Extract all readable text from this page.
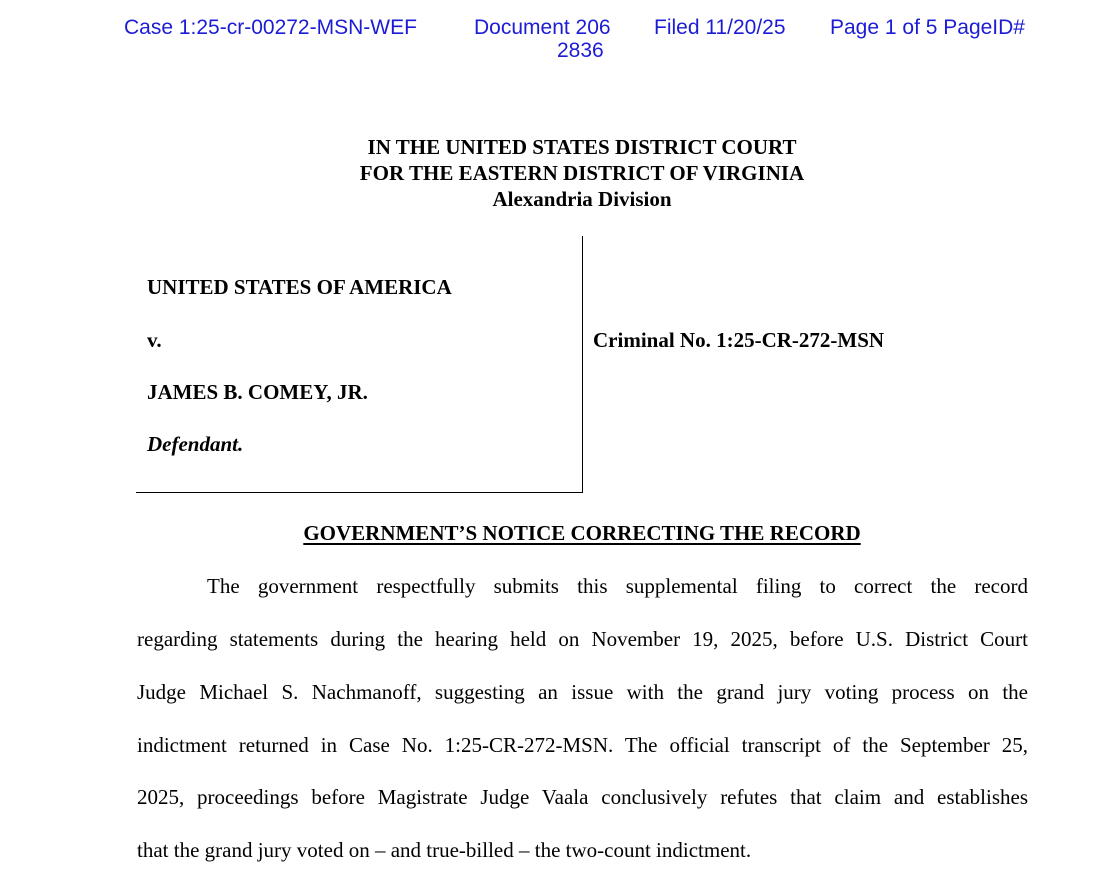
Case 1:25-cr-00272-MSN-WEF	Document 206 Filed 11/20/25 Page 1 of 5 PageID#
2836
IN THE UNITED STATES DISTRICT COURT
FOR THE EASTERN DISTRICT OF VIRGINIA
Alexandria Division
UNITED STATES OF AMERICA
v.
JAMES B. COMEY, JR.
Defendant.
Criminal No. 1:25-CR-272-MSN
GOVERNMENT’S NOTICE CORRECTING THE RECORD
The government respectfully submits this supplemental filing to correct the record
regarding statements during the hearing held on November 19, 2025, before U.S. District Court
Judge Michael S. Nachmanoff, suggesting an issue with the grand jury voting process on the
indictment returned in Case No. 1:25-CR-272-MSN. The official transcript of the September 25,
2025, proceedings before Magistrate Judge Vaala conclusively refutes that claim and establishes
that the grand jury voted on – and true-billed – the two-count indictment.
